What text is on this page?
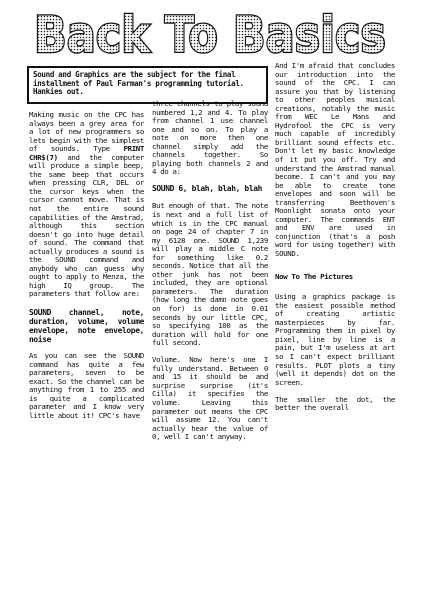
Back To Basics
Sound and Graphics are the subject for the final installment of Paul Farman's programming tutorial. Hankies out.

Making music on the CPC has always been a grey area for a lot of new programmers so lets begin with the simplest of sounds. Type PRINT CHR$(7) and the computer will produce a simple beep, the same beep that occurs when pressing CLR, DEL or the cursor keys when the cursor cannot move. That is not the entire sound capabilities of the Amstrad, although this section doesn't go into huge detail of sound. The command that actually produces a sound is the SOUND command and anybody who can guess why ought to apply to Menza, the high IQ group. The parameters that follow are:

SOUND channel, note, duration, volume, volume envelope, note envelope, noise

As you can see the SOUND command has quite a few parameters, seven to be exact. So the channel can be anything from 1 to 255 and is quite a complicated parameter and I know very little about it! CPC's have

three channels to play sound numbered 1,2 and 4. To play from channel 1 use channel one and so on. To play a note on more then one channel simply add the channels together. So playing both channels 2 and 4 do a:

SOUND 6, blah, blah, blah

But enough of that. The note is next and a full list of which is in the CPC manual on page 24 of chapter 7 in my 6128 one. SOUND 1,239 will play a middle C note for something like 0.2 seconds. Notice that all the other junk has not been included, they are optional parameters. The duration (how long the damn note goes on for) is done in 0.01 seconds by our little CPC, so specifying 100 as the duration will hold for one full second.

Volume. Now here's one I fully understand. Between 0 and 15 it should be and surprise surprise (it's Cilla) it specifies the volume. Leaving this parameter out means the CPC will assume 12. You can't actually hear the value of 0, well I can't anyway.

And I'm afraid that concludes our introduction into the sound of the CPC. I can assure you that by listening to other peoples musical creations, notably the music from WEC Le Mans and Hydrofool the CPC is very much capable of incredibly brilliant sound effects etc. Don't let my basic knowledge of it put you off. Try and understand the Amstrad manual become. I can't and you may be able to create tone envelopes and soon will be transferring Beethoven's Moonlight sonata onto your computer. The commands ENT and ENV are used in conjunction (that's a posh word for using together) with SOUND.

Now To The Pictures

Using a graphics package is the easiest possible method of creating artistic masterpieces by far. Programming them in pixel by pixel, line by line is a pain, but I'm useless at art so I can't expect brilliant results. PLOT plots a tiny (well it depends) dot on the screen.

The smaller the dot, the better the overall
